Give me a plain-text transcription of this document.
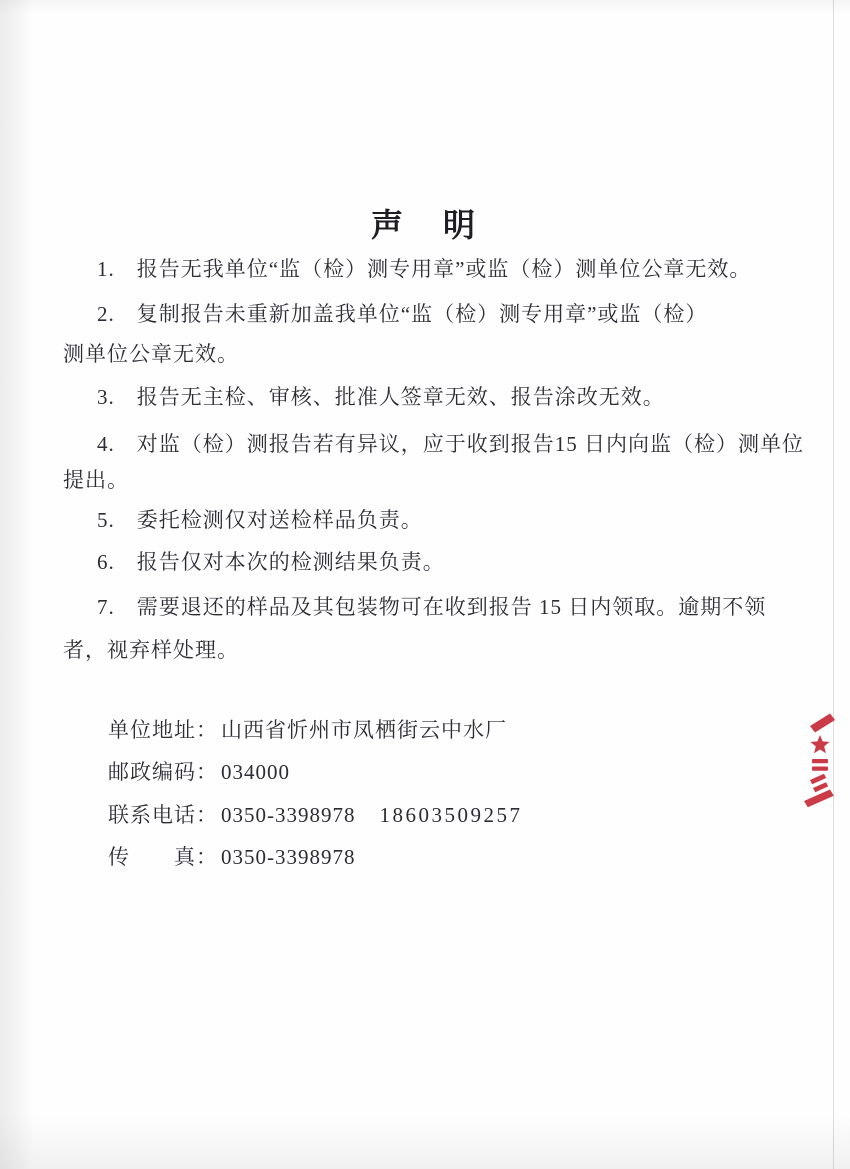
声　明
1.　报告无我单位“监（检）测专用章”或监（检）测单位公章无效。
2.　复制报告未重新加盖我单位“监（检）测专用章”或监（检）
测单位公章无效。
3.　报告无主检、审核、批准人签章无效、报告涂改无效。
4.　对监（检）测报告若有异议，应于收到报告15 日内向监（检）测单位
提出。
5.　委托检测仅对送检样品负责。
6.　报告仅对本次的检测结果负责。
7.　需要退还的样品及其包装物可在收到报告 15 日内领取。逾期不领
者，视弃样处理。
单位地址： 山西省忻州市凤栖街云中水厂
邮政编码： 034000
联系电话： 0350-3398978 18603509257
传　　真： 0350-3398978
